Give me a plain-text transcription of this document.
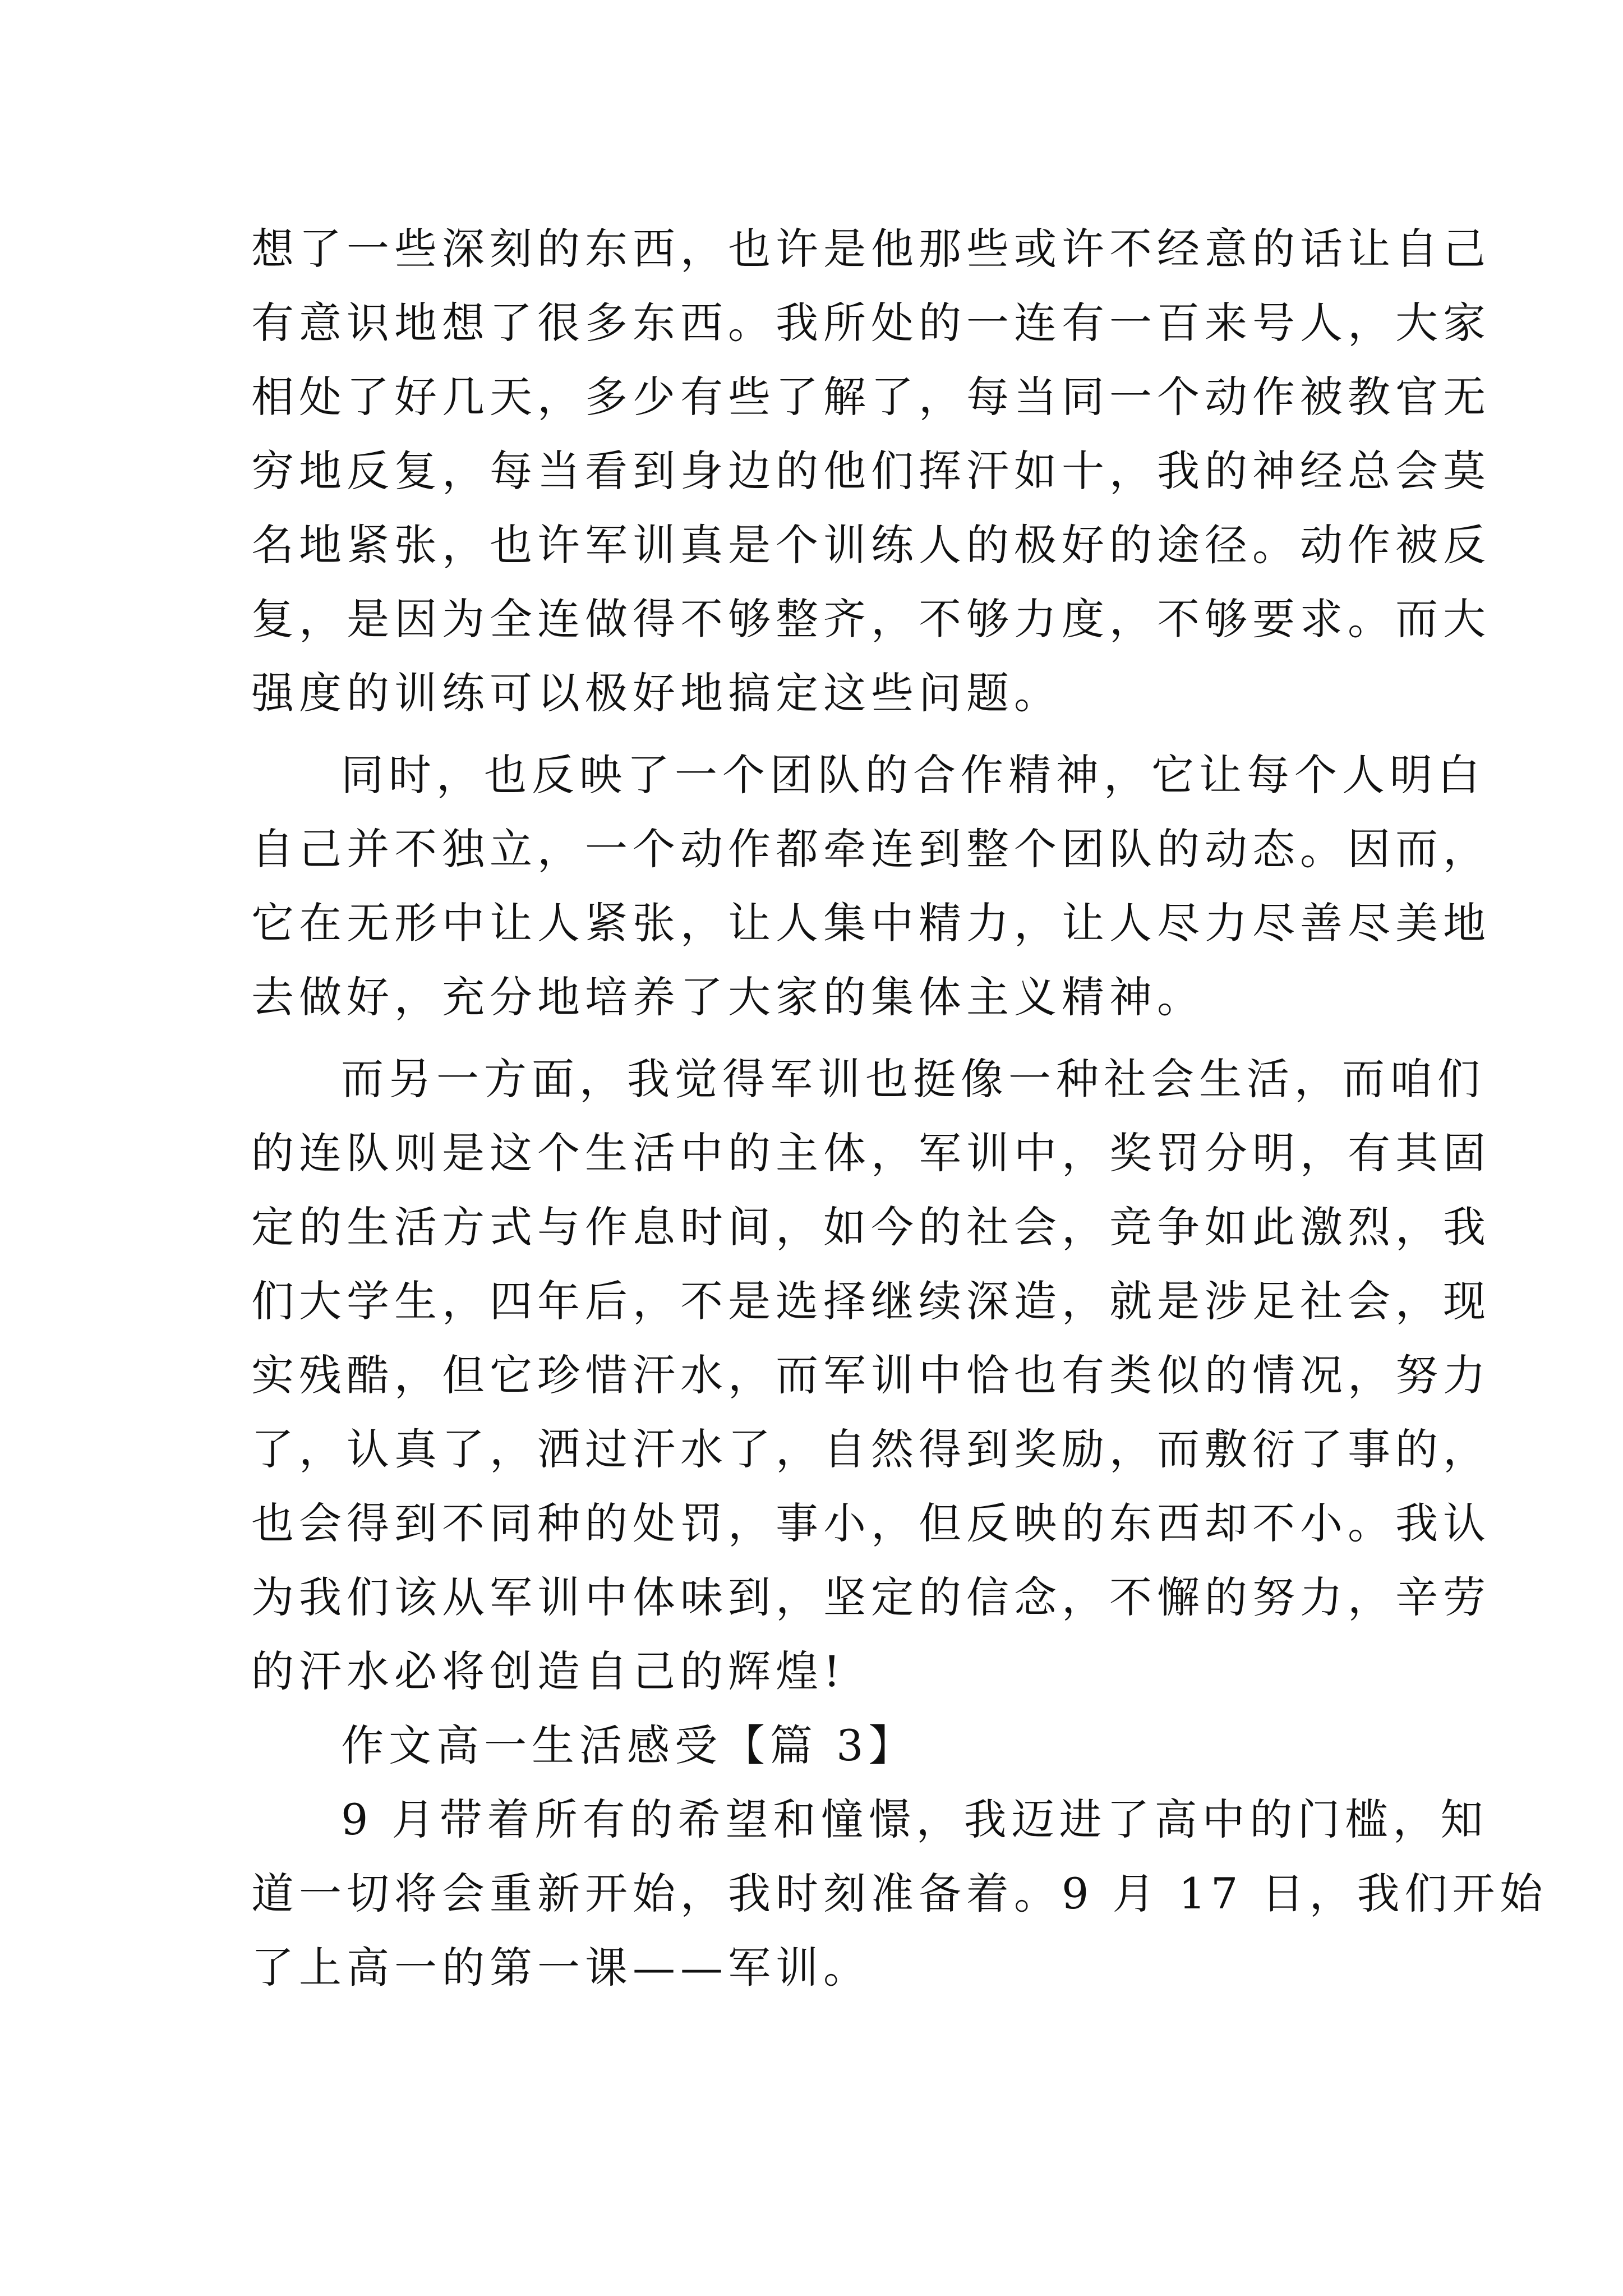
想了一些深刻的东西，也许是他那些或许不经意的话让自己
有意识地想了很多东西。我所处的一连有一百来号人，大家
相处了好几天，多少有些了解了，每当同一个动作被教官无
穷地反复，每当看到身边的他们挥汗如十，我的神经总会莫
名地紧张，也许军训真是个训练人的极好的途径。动作被反
复，是因为全连做得不够整齐，不够力度，不够要求。而大
强度的训练可以极好地搞定这些问题。
同时，也反映了一个团队的合作精神，它让每个人明白
自己并不独立，一个动作都牵连到整个团队的动态。因而，
它在无形中让人紧张，让人集中精力，让人尽力尽善尽美地
去做好，充分地培养了大家的集体主义精神。
而另一方面，我觉得军训也挺像一种社会生活，而咱们
的连队则是这个生活中的主体，军训中，奖罚分明，有其固
定的生活方式与作息时间，如今的社会，竞争如此激烈，我
们大学生，四年后，不是选择继续深造，就是涉足社会，现
实残酷，但它珍惜汗水，而军训中恰也有类似的情况，努力
了，认真了，洒过汗水了，自然得到奖励，而敷衍了事的，
也会得到不同种的处罚，事小，但反映的东西却不小。我认
为我们该从军训中体味到，坚定的信念，不懈的努力，辛劳
的汗水必将创造自己的辉煌!
作文高一生活感受【篇 3】
9 月带着所有的希望和憧憬，我迈进了高中的门槛，知
道一切将会重新开始，我时刻准备着。9 月 17 日，我们开始
了上高一的第一课——军训。
